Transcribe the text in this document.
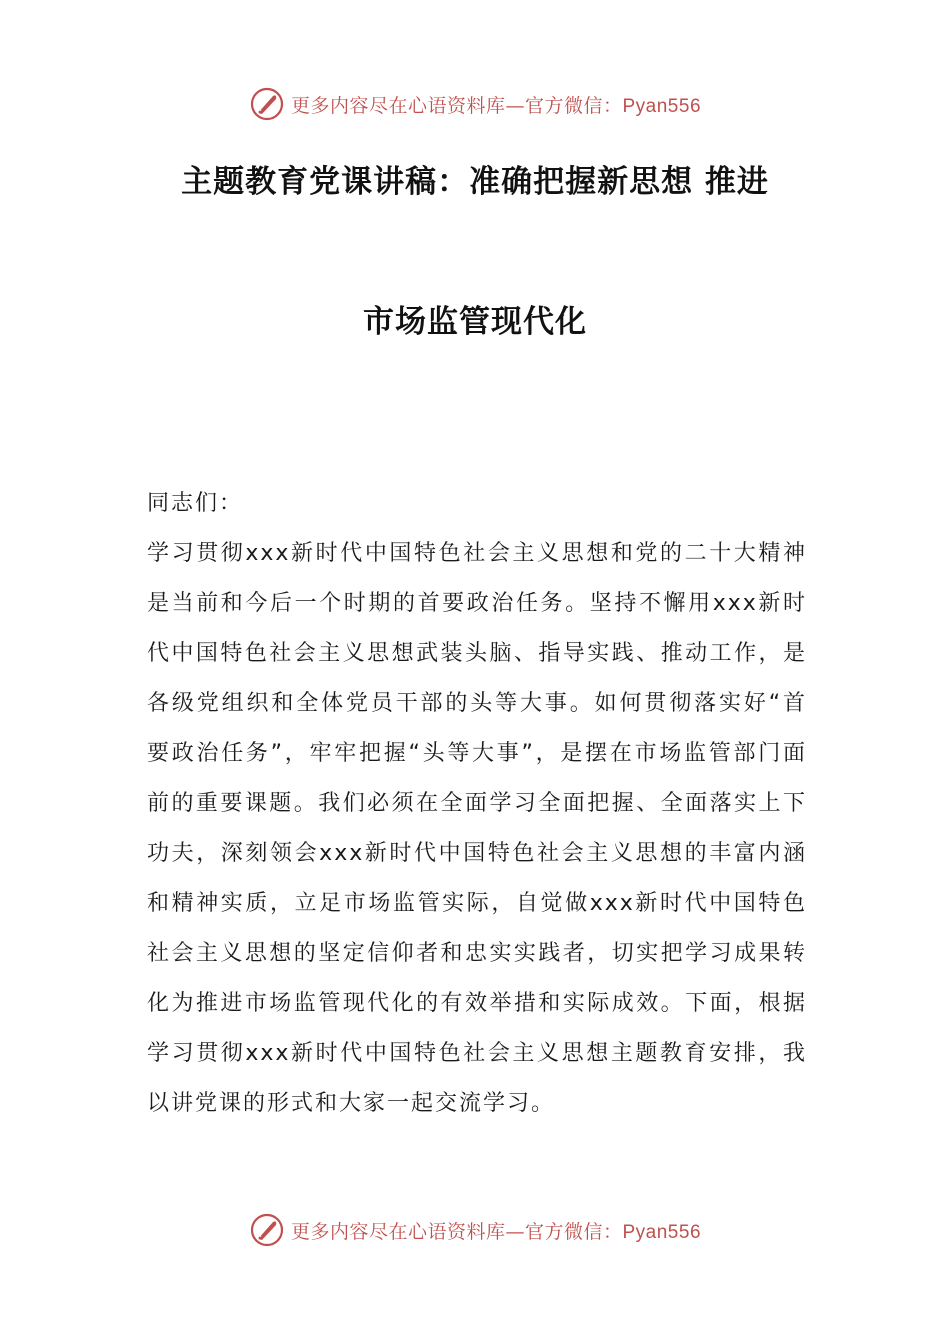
更多内容尽在心语资料库—官方微信：Pyan556
主题教育党课讲稿：准确把握新思想 推进
市场监管现代化

同志们：

学习贯彻xxx新时代中国特色社会主义思想和党的二十大精神是当前和今后一个时期的首要政治任务。坚持不懈用xxx新时代中国特色社会主义思想武装头脑、指导实践、推动工作，是各级党组织和全体党员干部的头等大事。如何贯彻落实好“首要政治任务”，牢牢把握“头等大事”，是摆在市场监管部门面前的重要课题。我们必须在全面学习全面把握、全面落实上下功夫，深刻领会xxx新时代中国特色社会主义思想的丰富内涵和精神实质，立足市场监管实际，自觉做xxx新时代中国特色社会主义思想的坚定信仰者和忠实实践者，切实把学习成果转化为推进市场监管现代化的有效举措和实际成效。下面，根据学习贯彻xxx新时代中国特色社会主义思想主题教育安排，我以讲党课的形式和大家一起交流学习。

更多内容尽在心语资料库—官方微信：Pyan556
